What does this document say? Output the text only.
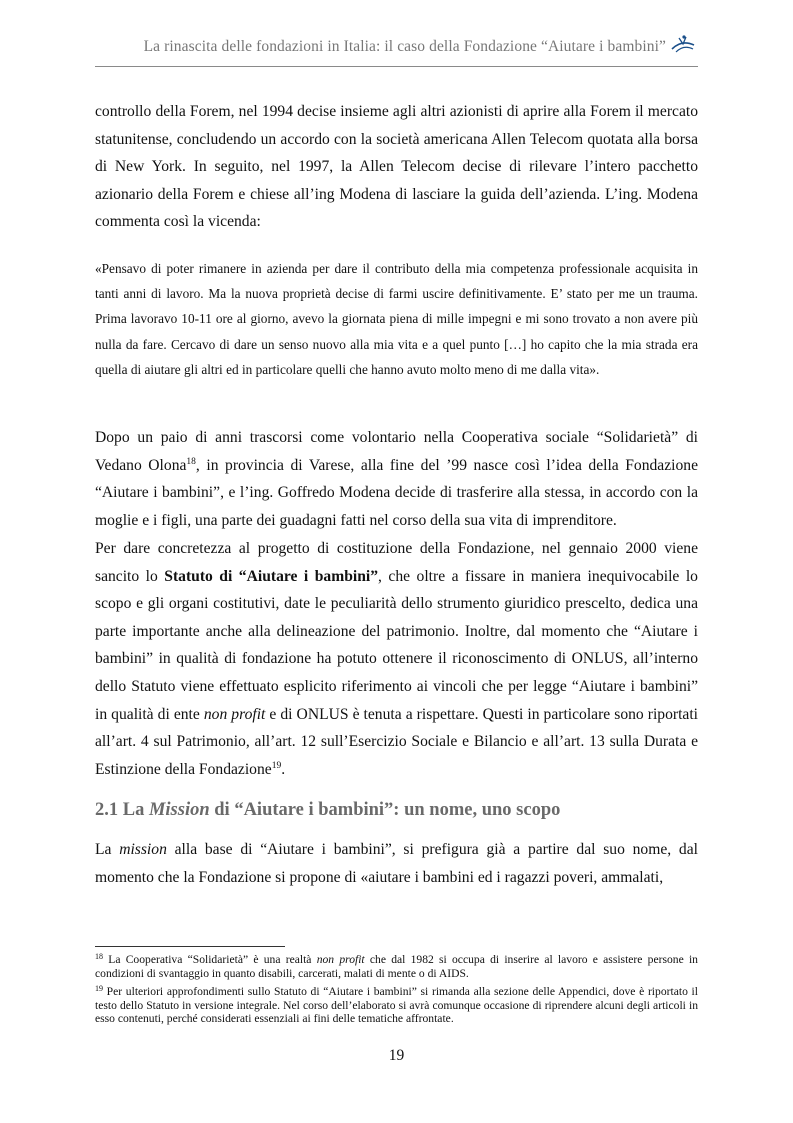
La rinascita delle fondazioni in Italia: il caso della Fondazione “Aiutare i bambini”

controllo della Forem, nel 1994 decise insieme agli altri azionisti di aprire alla Forem il mercato statunitense, concludendo un accordo con la società americana Allen Telecom quotata alla borsa di New York. In seguito, nel 1997, la Allen Telecom decise di rilevare l’intero pacchetto azionario della Forem e chiese all’ing Modena di lasciare la guida dell’azienda. L’ing. Modena commenta così la vicenda:

«Pensavo di poter rimanere in azienda per dare il contributo della mia competenza professionale acquisita in tanti anni di lavoro. Ma la nuova proprietà decise di farmi uscire definitivamente. E’ stato per me un trauma. Prima lavoravo 10-11 ore al giorno, avevo la giornata piena di mille impegni e mi sono trovato a non avere più nulla da fare. Cercavo di dare un senso nuovo alla mia vita e a quel punto […] ho capito che la mia strada era quella di aiutare gli altri ed in particolare quelli che hanno avuto molto meno di me dalla vita».

Dopo un paio di anni trascorsi come volontario nella Cooperativa sociale “Solidarietà” di Vedano Olona$^{18}$, in provincia di Varese, alla fine del ’99 nasce così l’idea della Fondazione “Aiutare i bambini”, e l’ing. Goffredo Modena decide di trasferire alla stessa, in accordo con la moglie e i figli, una parte dei guadagni fatti nel corso della sua vita di imprenditore.

Per dare concretezza al progetto di costituzione della Fondazione, nel gennaio 2000 viene sancito lo Statuto di “Aiutare i bambini”, che oltre a fissare in maniera inequivocabile lo scopo e gli organi costitutivi, date le peculiarità dello strumento giuridico prescelto, dedica una parte importante anche alla delineazione del patrimonio. Inoltre, dal momento che “Aiutare i bambini” in qualità di fondazione ha potuto ottenere il riconoscimento di ONLUS, all’interno dello Statuto viene effettuato esplicito riferimento ai vincoli che per legge “Aiutare i bambini” in qualità di ente non profit e di ONLUS è tenuta a rispettare. Questi in particolare sono riportati all’art. 4 sul Patrimonio, all’art. 12 sull’Esercizio Sociale e Bilancio e all’art. 13 sulla Durata e Estinzione della Fondazione$^{19}$.

2.1 La Mission di “Aiutare i bambini”: un nome, uno scopo

La mission alla base di “Aiutare i bambini”, si prefigura già a partire dal suo nome, dal momento che la Fondazione si propone di «aiutare i bambini ed i ragazzi poveri, ammalati,

$^{18}$ La Cooperativa “Solidarietà” è una realtà non profit che dal 1982 si occupa di inserire al lavoro e assistere persone in condizioni di svantaggio in quanto disabili, carcerati, malati di mente o di AIDS.

$^{19}$ Per ulteriori approfondimenti sullo Statuto di “Aiutare i bambini” si rimanda alla sezione delle Appendici, dove è riportato il testo dello Statuto in versione integrale. Nel corso dell’elaborato si avrà comunque occasione di riprendere alcuni degli articoli in esso contenuti, perché considerati essenziali ai fini delle tematiche affrontate.

19
